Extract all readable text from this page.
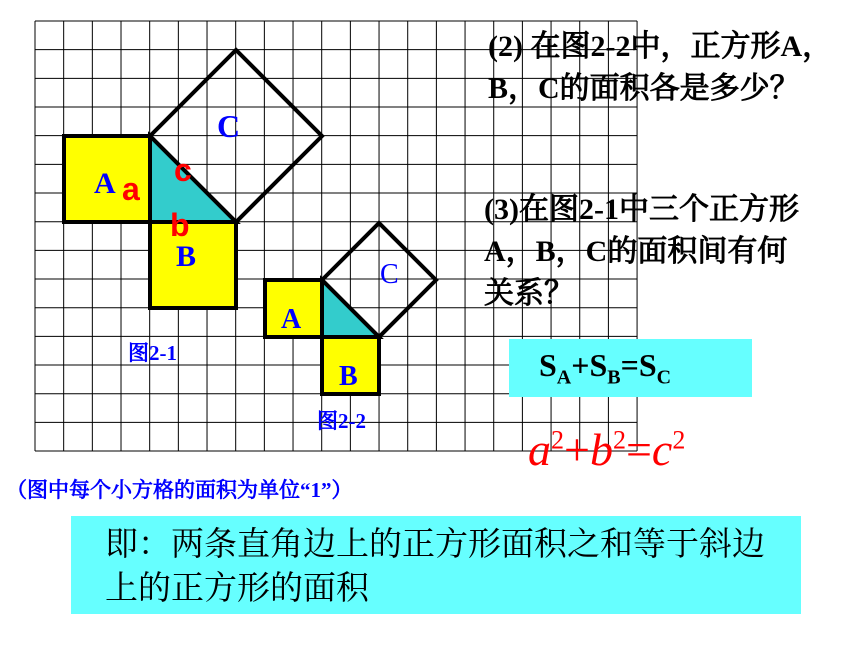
A a
c
b
B
C
图2-1
A
B
C
图2-2
(2) 在图2-2中，正方形A，B，C的面积各是多少？
(3)在图2-1中三个正方形A，B，C的面积间有何关系？
$S_A+S_B=S_C$
$a^2+b^2=c^2$
（图中每个小方格的面积为单位“1”）
即：两条直角边上的正方形面积之和等于斜边上的正方形的面积
